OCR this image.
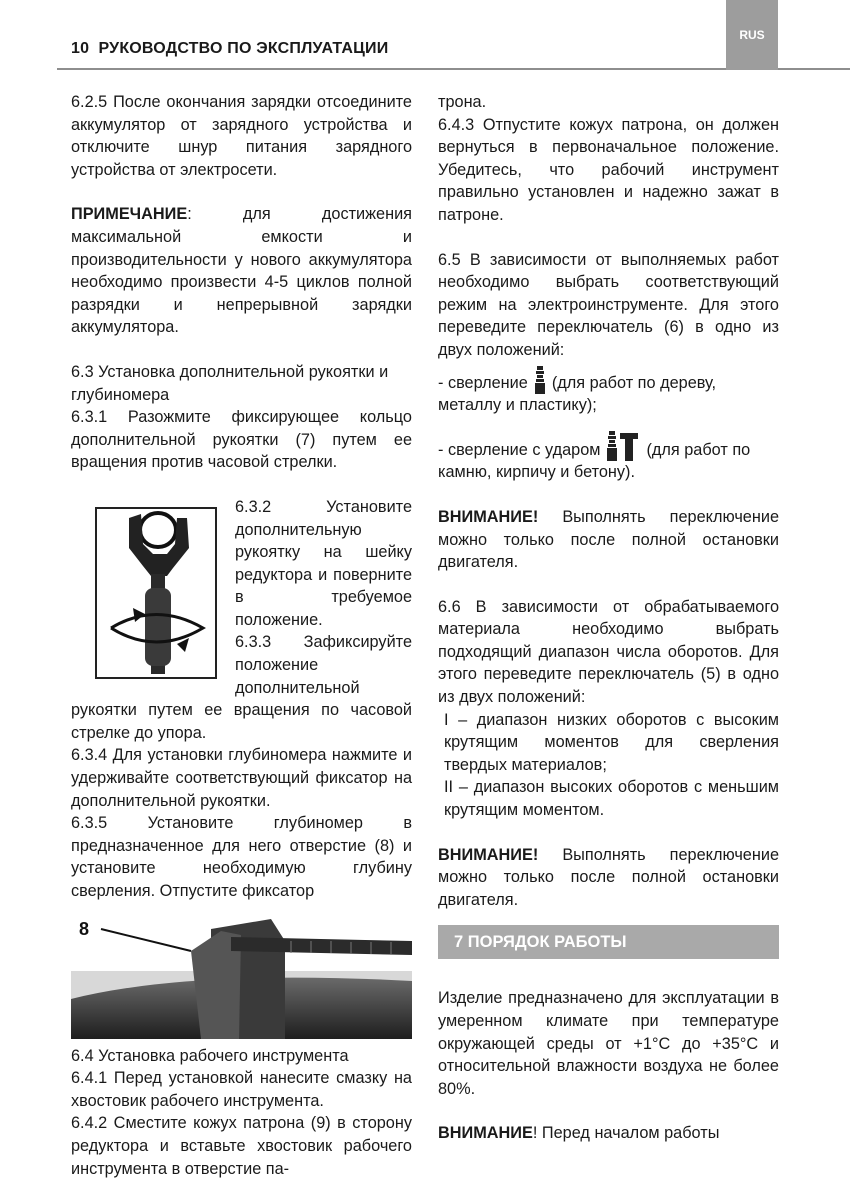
10 РУКОВОДСТВО ПО ЭКСПЛУАТАЦИИ
RUS

6.2.5 После окончания зарядки отсоедините аккумулятор от зарядного устройства и отключите шнур питания зарядного устройства от электросети.

ПРИМЕЧАНИЕ: для достижения максимальной емкости и производительности у нового аккумулятора необходимо произвести 4-5 циклов полной разрядки и непрерывной зарядки аккумулятора.

6.3 Установка дополнительной рукоятки и глубиномера

6.3.1 Разожмите фиксирующее кольцо дополнительной рукоятки (7) путем ее вращения против часовой стрелки.

6.3.2 Установите дополнительную рукоятку на шейку редуктора и поверните в требуемое положение.

6.3.3 Зафиксируйте положение дополнительной рукоятки путем ее вращения по часовой стрелке до упора.

6.3.4 Для установки глубиномера нажмите и удерживайте соответствующий фиксатор на дополнительной рукоятки.

6.3.5 Установите глубиномер в предназначенное для него отверстие (8) и установите необходимую глубину сверления. Отпустите фиксатор

8

6.4 Установка рабочего инструмента

6.4.1 Перед установкой нанесите смазку на хвостовик рабочего инструмента.

6.4.2 Сместите кожух патрона (9) в сторону редуктора и вставьте хвостовик рабочего инструмента в отверстие па-

трона.

6.4.3 Отпустите кожух патрона, он должен вернуться в первоначальное положение. Убедитесь, что рабочий инструмент правильно установлен и надежно зажат в патроне.

6.5 В зависимости от выполняемых работ необходимо выбрать соответствующий режим на электроинструменте. Для этого переведите переключатель (6) в одно из двух положений:

- сверление (для работ по дереву, металлу и пластику);

- сверление с ударом	(для работ по камню, кирпичу и бетону).

ВНИМАНИЕ! Выполнять переключение можно только после полной остановки двигателя.

6.6 В зависимости от обрабатываемого материала необходимо выбрать подходящий диапазон числа оборотов. Для этого переведите переключатель (5) в одно из двух положений:

I – диапазон низких оборотов с высоким крутящим моментов для сверления твердых материалов;

II – диапазон высоких оборотов с меньшим крутящим моментом.

ВНИМАНИЕ! Выполнять переключение можно только после полной остановки двигателя.

7 ПОРЯДОК РАБОТЫ

Изделие предназначено для эксплуатации в умеренном климате при температуре окружающей среды от +1°C до +35°C и относительной влажности воздуха не более 80%.

ВНИМАНИЕ! Перед началом работы
